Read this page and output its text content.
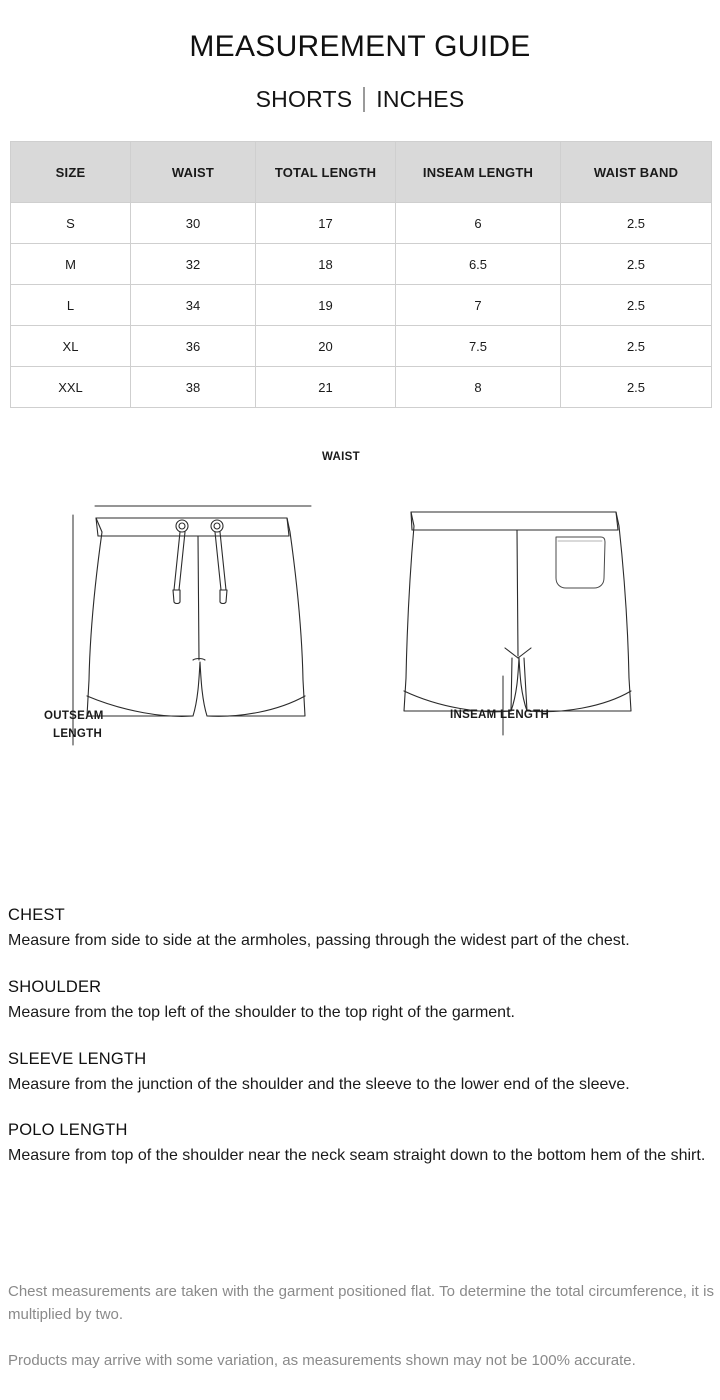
MEASUREMENT GUIDE
SHORTS INCHES
SIZE	WAIST	TOTAL LENGTH	INSEAM LENGTH	WAIST BAND
S	30	17	6	2.5
M	32	18	6.5	2.5
L	34	19	7	2.5
XL	36	20	7.5	2.5
XXL	38	21	8	2.5
WAIST
OUTSEAM
LENGTH
INSEAM LENGTH
CHEST
Measure from side to side at the armholes, passing through the widest part of the chest.
SHOULDER
Measure from the top left of the shoulder to the top right of the garment.
SLEEVE LENGTH
Measure from the junction of the shoulder and the sleeve to the lower end of the sleeve.
POLO LENGTH
Measure from top of the shoulder near the neck seam straight down to the bottom hem of the shirt.
Chest measurements are taken with the garment positioned flat. To determine the total circumference, it is multiplied by two.
Products may arrive with some variation, as measurements shown may not be 100% accurate.
